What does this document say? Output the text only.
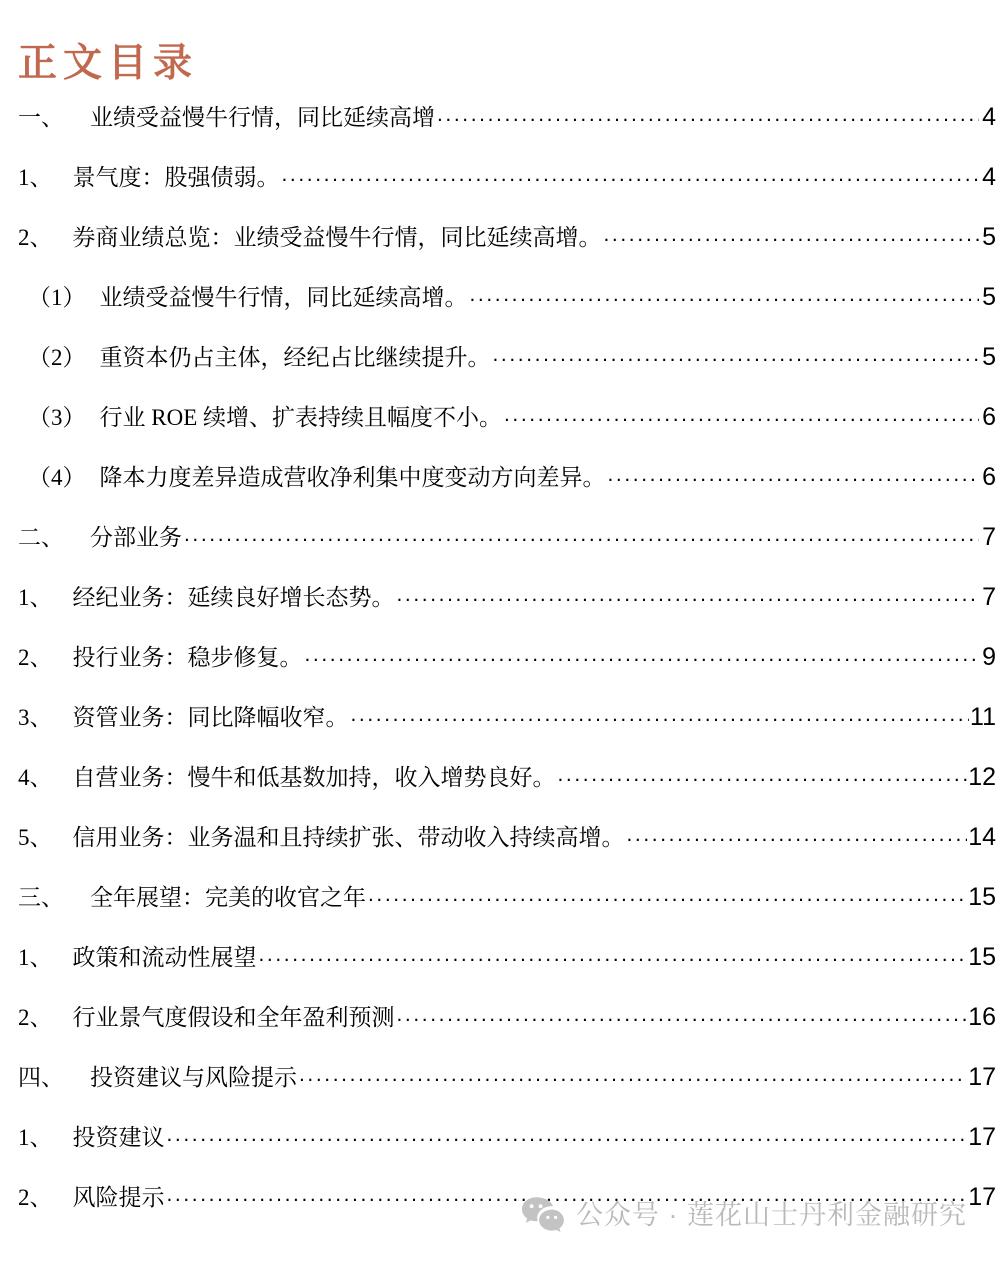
正文目录
一、	业绩受益慢牛行情，同比延续高增 .....	4
1、 景气度：股强债弱。 .....	4
2、 券商业绩总览：业绩受益慢牛行情，同比延续高增。 .....	5
（1） 业绩受益慢牛行情，同比延续高增。 .....	5
（2） 重资本仍占主体，经纪占比继续提升。 .....	5
（3） 行业 ROE 续增、扩表持续且幅度不小。 .....	6
（4） 降本力度差异造成营收净利集中度变动方向差异。 .....	6
二、	分部业务 .....	7
1、 经纪业务：延续良好增长态势。 .....	7
2、 投行业务：稳步修复。 .....	9
3、 资管业务：同比降幅收窄。 .....	11
4、 自营业务：慢牛和低基数加持，收入增势良好。 .....	12
5、 信用业务：业务温和且持续扩张、带动收入持续高增。 .....	14
三、	全年展望：完美的收官之年 .....	15
1、 政策和流动性展望 .....	15
2、 行业景气度假设和全年盈利预测 .....	16
四、	投资建议与风险提示 .....	17
1、 投资建议 .....	17
2、 风险提示 .....	17
公众号 · 莲花山士丹利金融研究
